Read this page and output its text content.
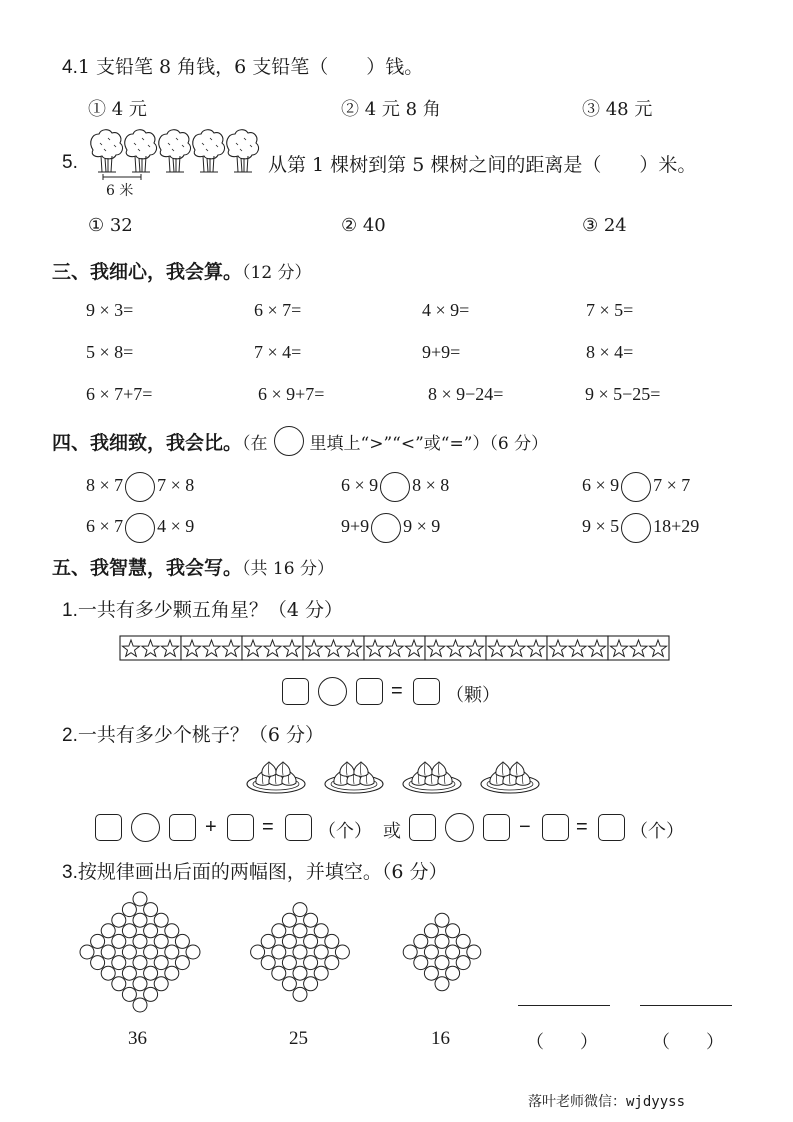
4.1 支铅笔 8 角钱，6 支铅笔（　　）钱。
① 4 元	② 4 元 8 角	③ 48 元
5.
6 米
从第 1 棵树到第 5 棵树之间的距离是（　　）米。
① 32	② 40	③ 24
三、我细心，我会算。（12 分）
9 × 3=	6 × 7=	4 × 9=	7 × 5=
5 × 8=	7 × 4=	9+9=	8 × 4=
6 × 7+7=	6 × 9+7=	8 × 9−24=	9 × 5−25=
四、我细致，我会比。（在 里填上“>”“<”或“=”）（6 分）
8 × 7 7 × 8	6 × 9 8 × 8	6 × 9 7 × 7
6 × 7 4 × 9	9+9 9 × 9	9 × 5 18+29
五、我智慧，我会写。（共 16 分）
1.一共有多少颗五角星？（4 分）
= （颗）
2.一共有多少个桃子？（6 分）
+ = （个） 或	− = （个）
3.按规律画出后面的两幅图，并填空。（6 分）
36	25	16	（　　）	（　　）
落叶老师微信：wjdyyss
